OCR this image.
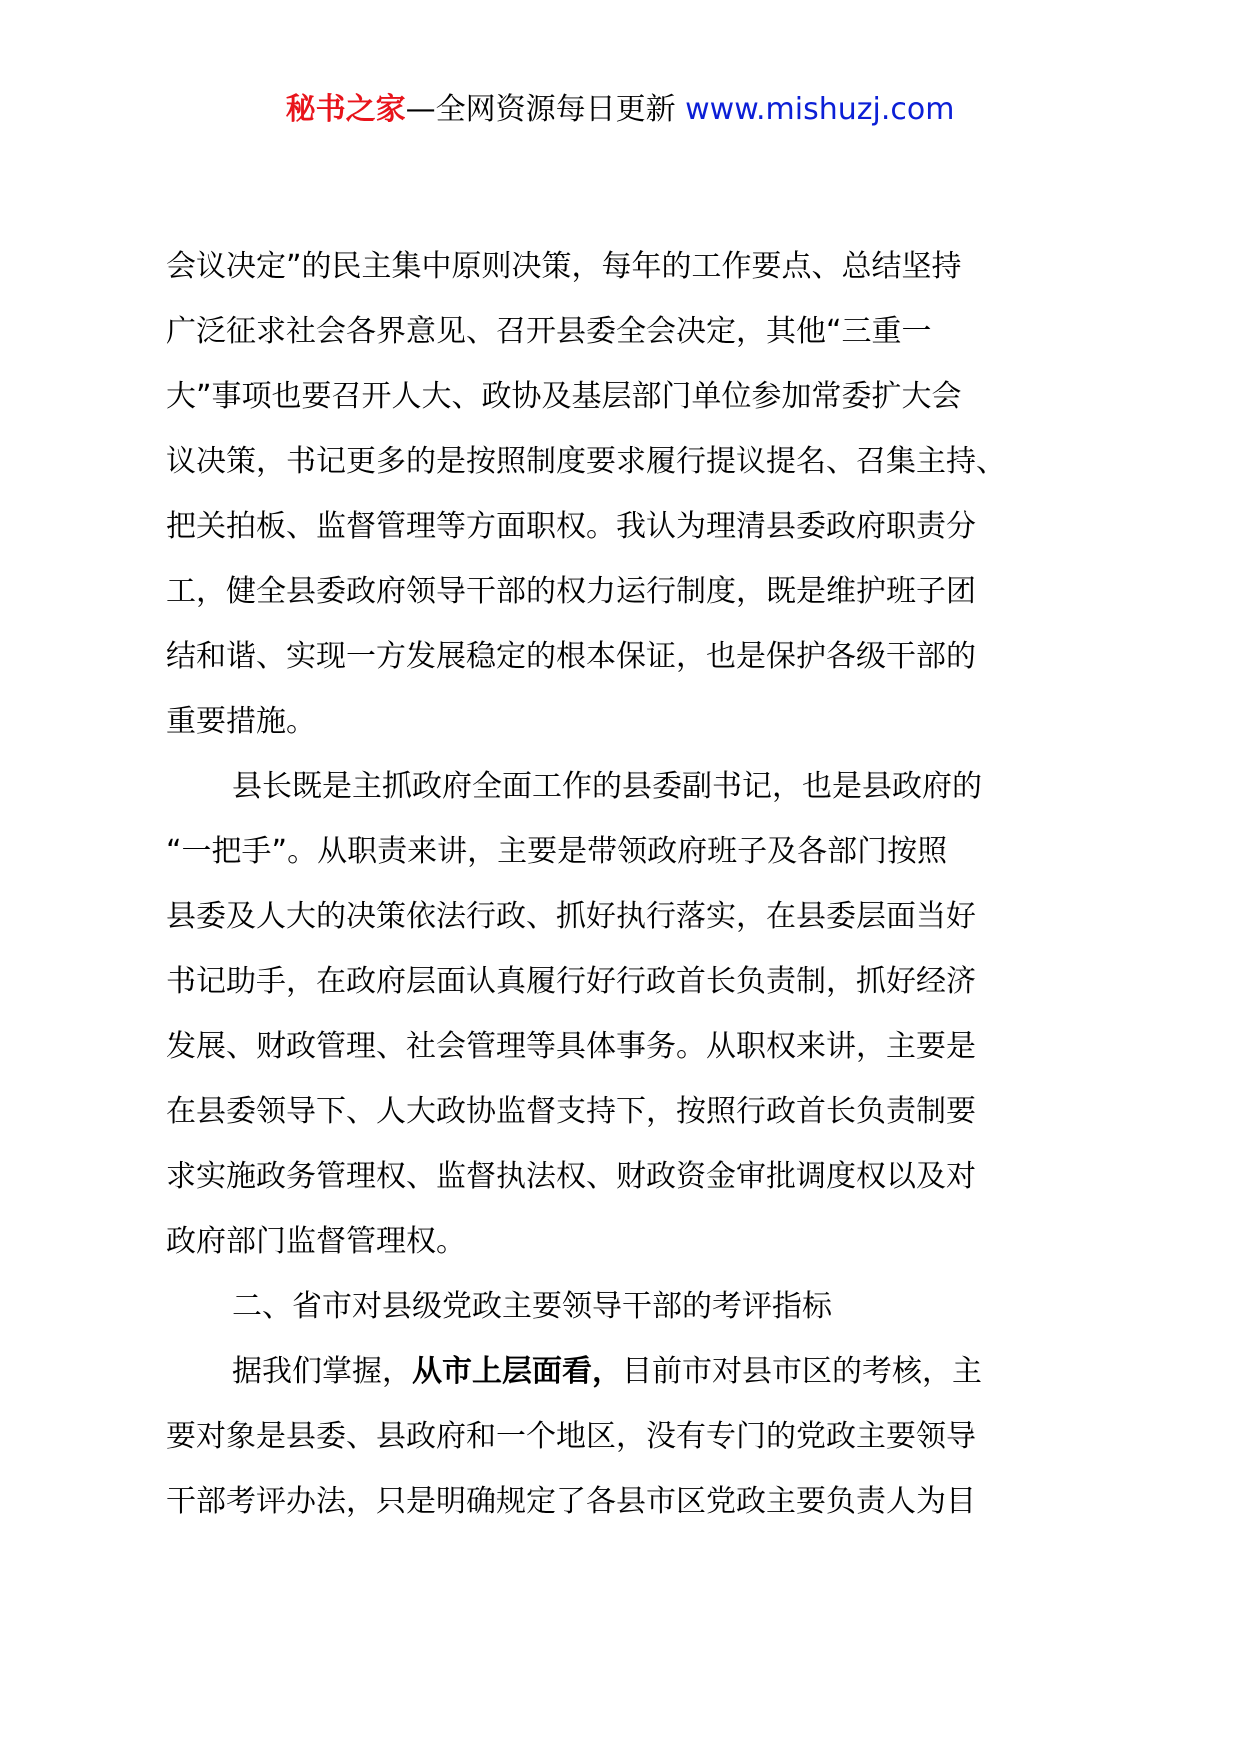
秘书之家—全网资源每日更新 www.mishuzj.com
会议决定”的民主集中原则决策，每年的工作要点、总结坚持
广泛征求社会各界意见、召开县委全会决定，其他“三重一
大”事项也要召开人大、政协及基层部门单位参加常委扩大会
议决策，书记更多的是按照制度要求履行提议提名、召集主持、
把关拍板、监督管理等方面职权。我认为理清县委政府职责分
工，健全县委政府领导干部的权力运行制度，既是维护班子团
结和谐、实现一方发展稳定的根本保证，也是保护各级干部的
重要措施。
县长既是主抓政府全面工作的县委副书记，也是县政府的
“一把手”。从职责来讲，主要是带领政府班子及各部门按照
县委及人大的决策依法行政、抓好执行落实，在县委层面当好
书记助手，在政府层面认真履行好行政首长负责制，抓好经济
发展、财政管理、社会管理等具体事务。从职权来讲，主要是
在县委领导下、人大政协监督支持下，按照行政首长负责制要
求实施政务管理权、监督执法权、财政资金审批调度权以及对
政府部门监督管理权。
二、省市对县级党政主要领导干部的考评指标
据我们掌握，从市上层面看，目前市对县市区的考核，主
要对象是县委、县政府和一个地区，没有专门的党政主要领导
干部考评办法，只是明确规定了各县市区党政主要负责人为目
